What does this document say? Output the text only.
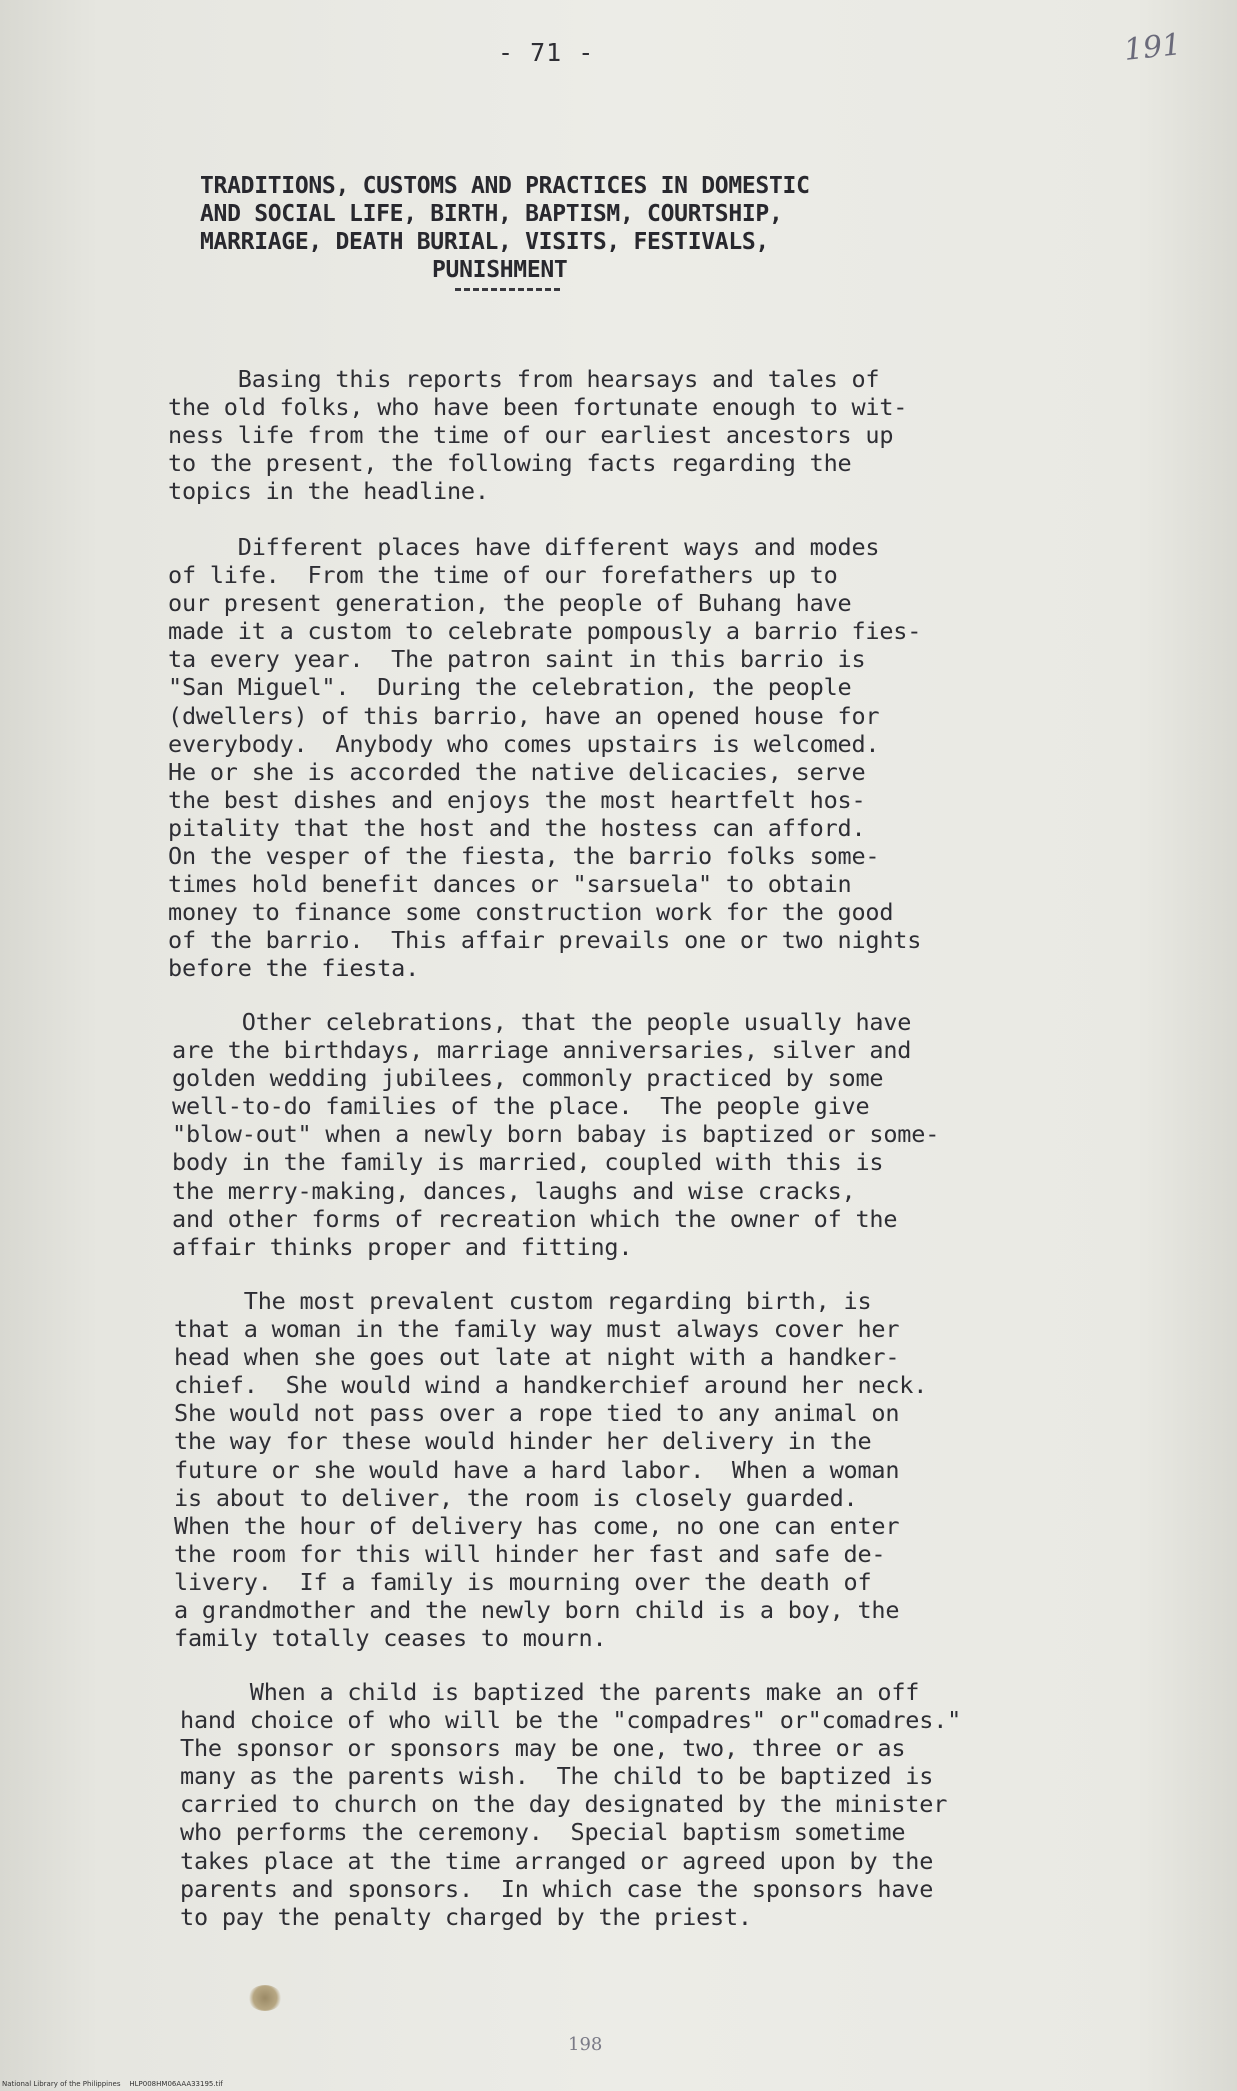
- 71 -	191
TRADITIONS, CUSTOMS AND PRACTICES IN DOMESTIC
AND SOCIAL LIFE, BIRTH, BAPTISM, COURTSHIP,
MARRIAGE, DEATH BURIAL, VISITS, FESTIVALS,
PUNISHMENT
Basing this reports from hearsays and tales of
the old folks, who have been fortunate enough to wit-
ness life from the time of our earliest ancestors up
to the present, the following facts regarding the
topics in the headline.
Different places have different ways and modes
of life.  From the time of our forefathers up to
our present generation, the people of Buhang have
made it a custom to celebrate pompously a barrio fies-
ta every year.  The patron saint in this barrio is
"San Miguel".  During the celebration, the people
(dwellers) of this barrio, have an opened house for
everybody.  Anybody who comes upstairs is welcomed.
He or she is accorded the native delicacies, serve
the best dishes and enjoys the most heartfelt hos-
pitality that the host and the hostess can afford.
On the vesper of the fiesta, the barrio folks some-
times hold benefit dances or "sarsuela" to obtain
money to finance some construction work for the good
of the barrio.  This affair prevails one or two nights
before the fiesta.
Other celebrations, that the people usually have
are the birthdays, marriage anniversaries, silver and
golden wedding jubilees, commonly practiced by some
well-to-do families of the place.  The people give
"blow-out" when a newly born babay is baptized or some-
body in the family is married, coupled with this is
the merry-making, dances, laughs and wise cracks,
and other forms of recreation which the owner of the
affair thinks proper and fitting.
The most prevalent custom regarding birth, is
that a woman in the family way must always cover her
head when she goes out late at night with a handker-
chief.  She would wind a handkerchief around her neck.
She would not pass over a rope tied to any animal on
the way for these would hinder her delivery in the
future or she would have a hard labor.  When a woman
is about to deliver, the room is closely guarded.
When the hour of delivery has come, no one can enter
the room for this will hinder her fast and safe de-
livery.  If a family is mourning over the death of
a grandmother and the newly born child is a boy, the
family totally ceases to mourn.
When a child is baptized the parents make an off
hand choice of who will be the "compadres" or"comadres."
The sponsor or sponsors may be one, two, three or as
many as the parents wish.  The child to be baptized is
carried to church on the day designated by the minister
who performs the ceremony.  Special baptism sometime
takes place at the time arranged or agreed upon by the
parents and sponsors.  In which case the sponsors have
to pay the penalty charged by the priest.
198
National Library of the Philippines    HLP008HM06AAA33195.tif
